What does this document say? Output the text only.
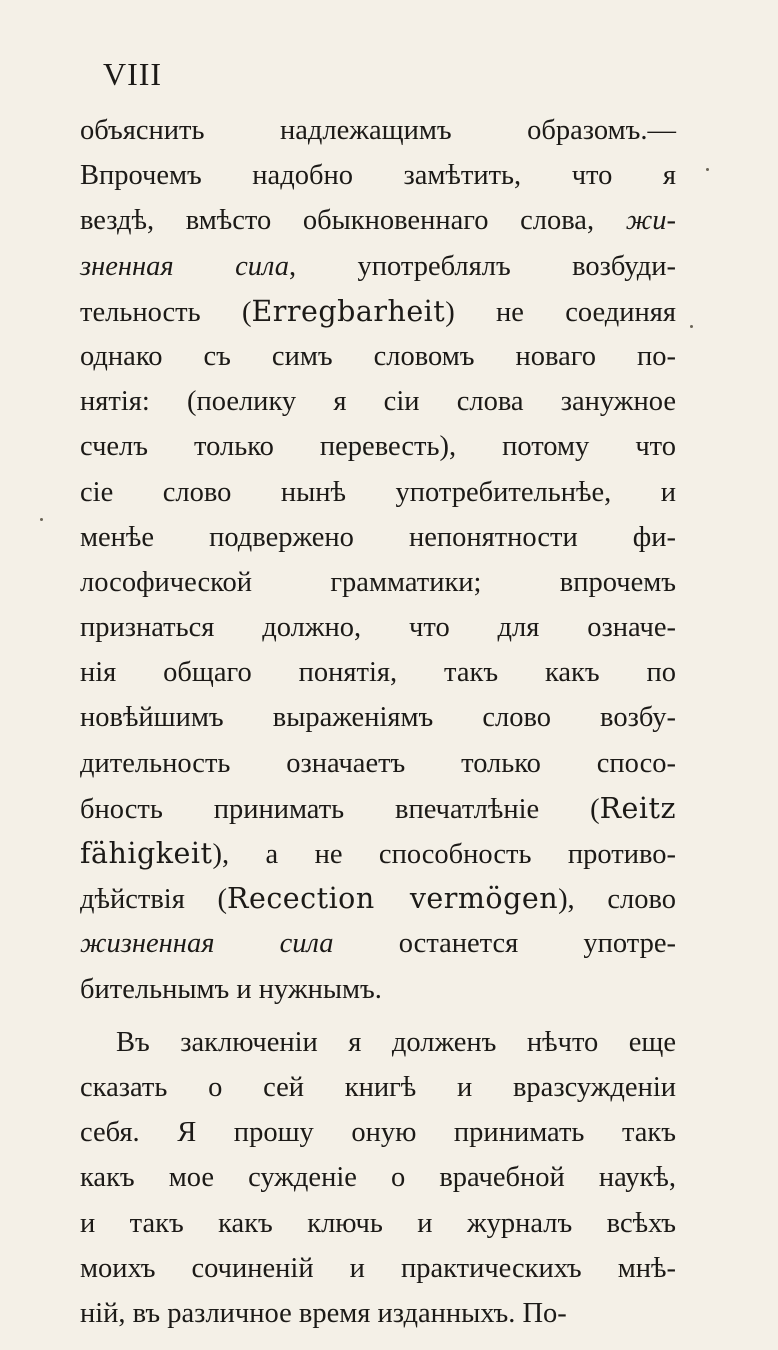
VIII
объяснить надлежащимъ образомъ.—
Впрочемъ надобно замѣтить, что я
вездѣ, вмѣсто обыкновеннаго слова, жи-
зненная сила, употреблялъ возбуди-
тельность (Erregbarheit) не соединяя
однако съ симъ словомъ новаго по-
нятія: (поелику я сіи слова занужное
счелъ только перевесть), потому что
сіе слово нынѣ употребительнѣе, и
менѣе подвержено непонятности фи-
лософической грамматики; впрочемъ
признаться должно, что для означе-
нія общаго понятія, такъ какъ по
новѣйшимъ выраженіямъ слово возбу-
дительность означаетъ только спосо-
бность принимать впечатлѣніе (Reitz
fähigkeit), а не способность противо-
дѣйствія (Recection vermögen), слово
жизненная сила останется употре-
бительнымъ и нужнымъ.
Въ заключеніи я долженъ нѣчто еще
сказать о сей книгѣ и вразсужденіи
себя. Я прошу оную принимать такъ
какъ мое сужденіе о врачебной наукѣ,
и такъ какъ ключь и журналъ всѣхъ
моихъ сочиненій и практическихъ мнѣ-
ній, въ различное время изданныхъ. По-
